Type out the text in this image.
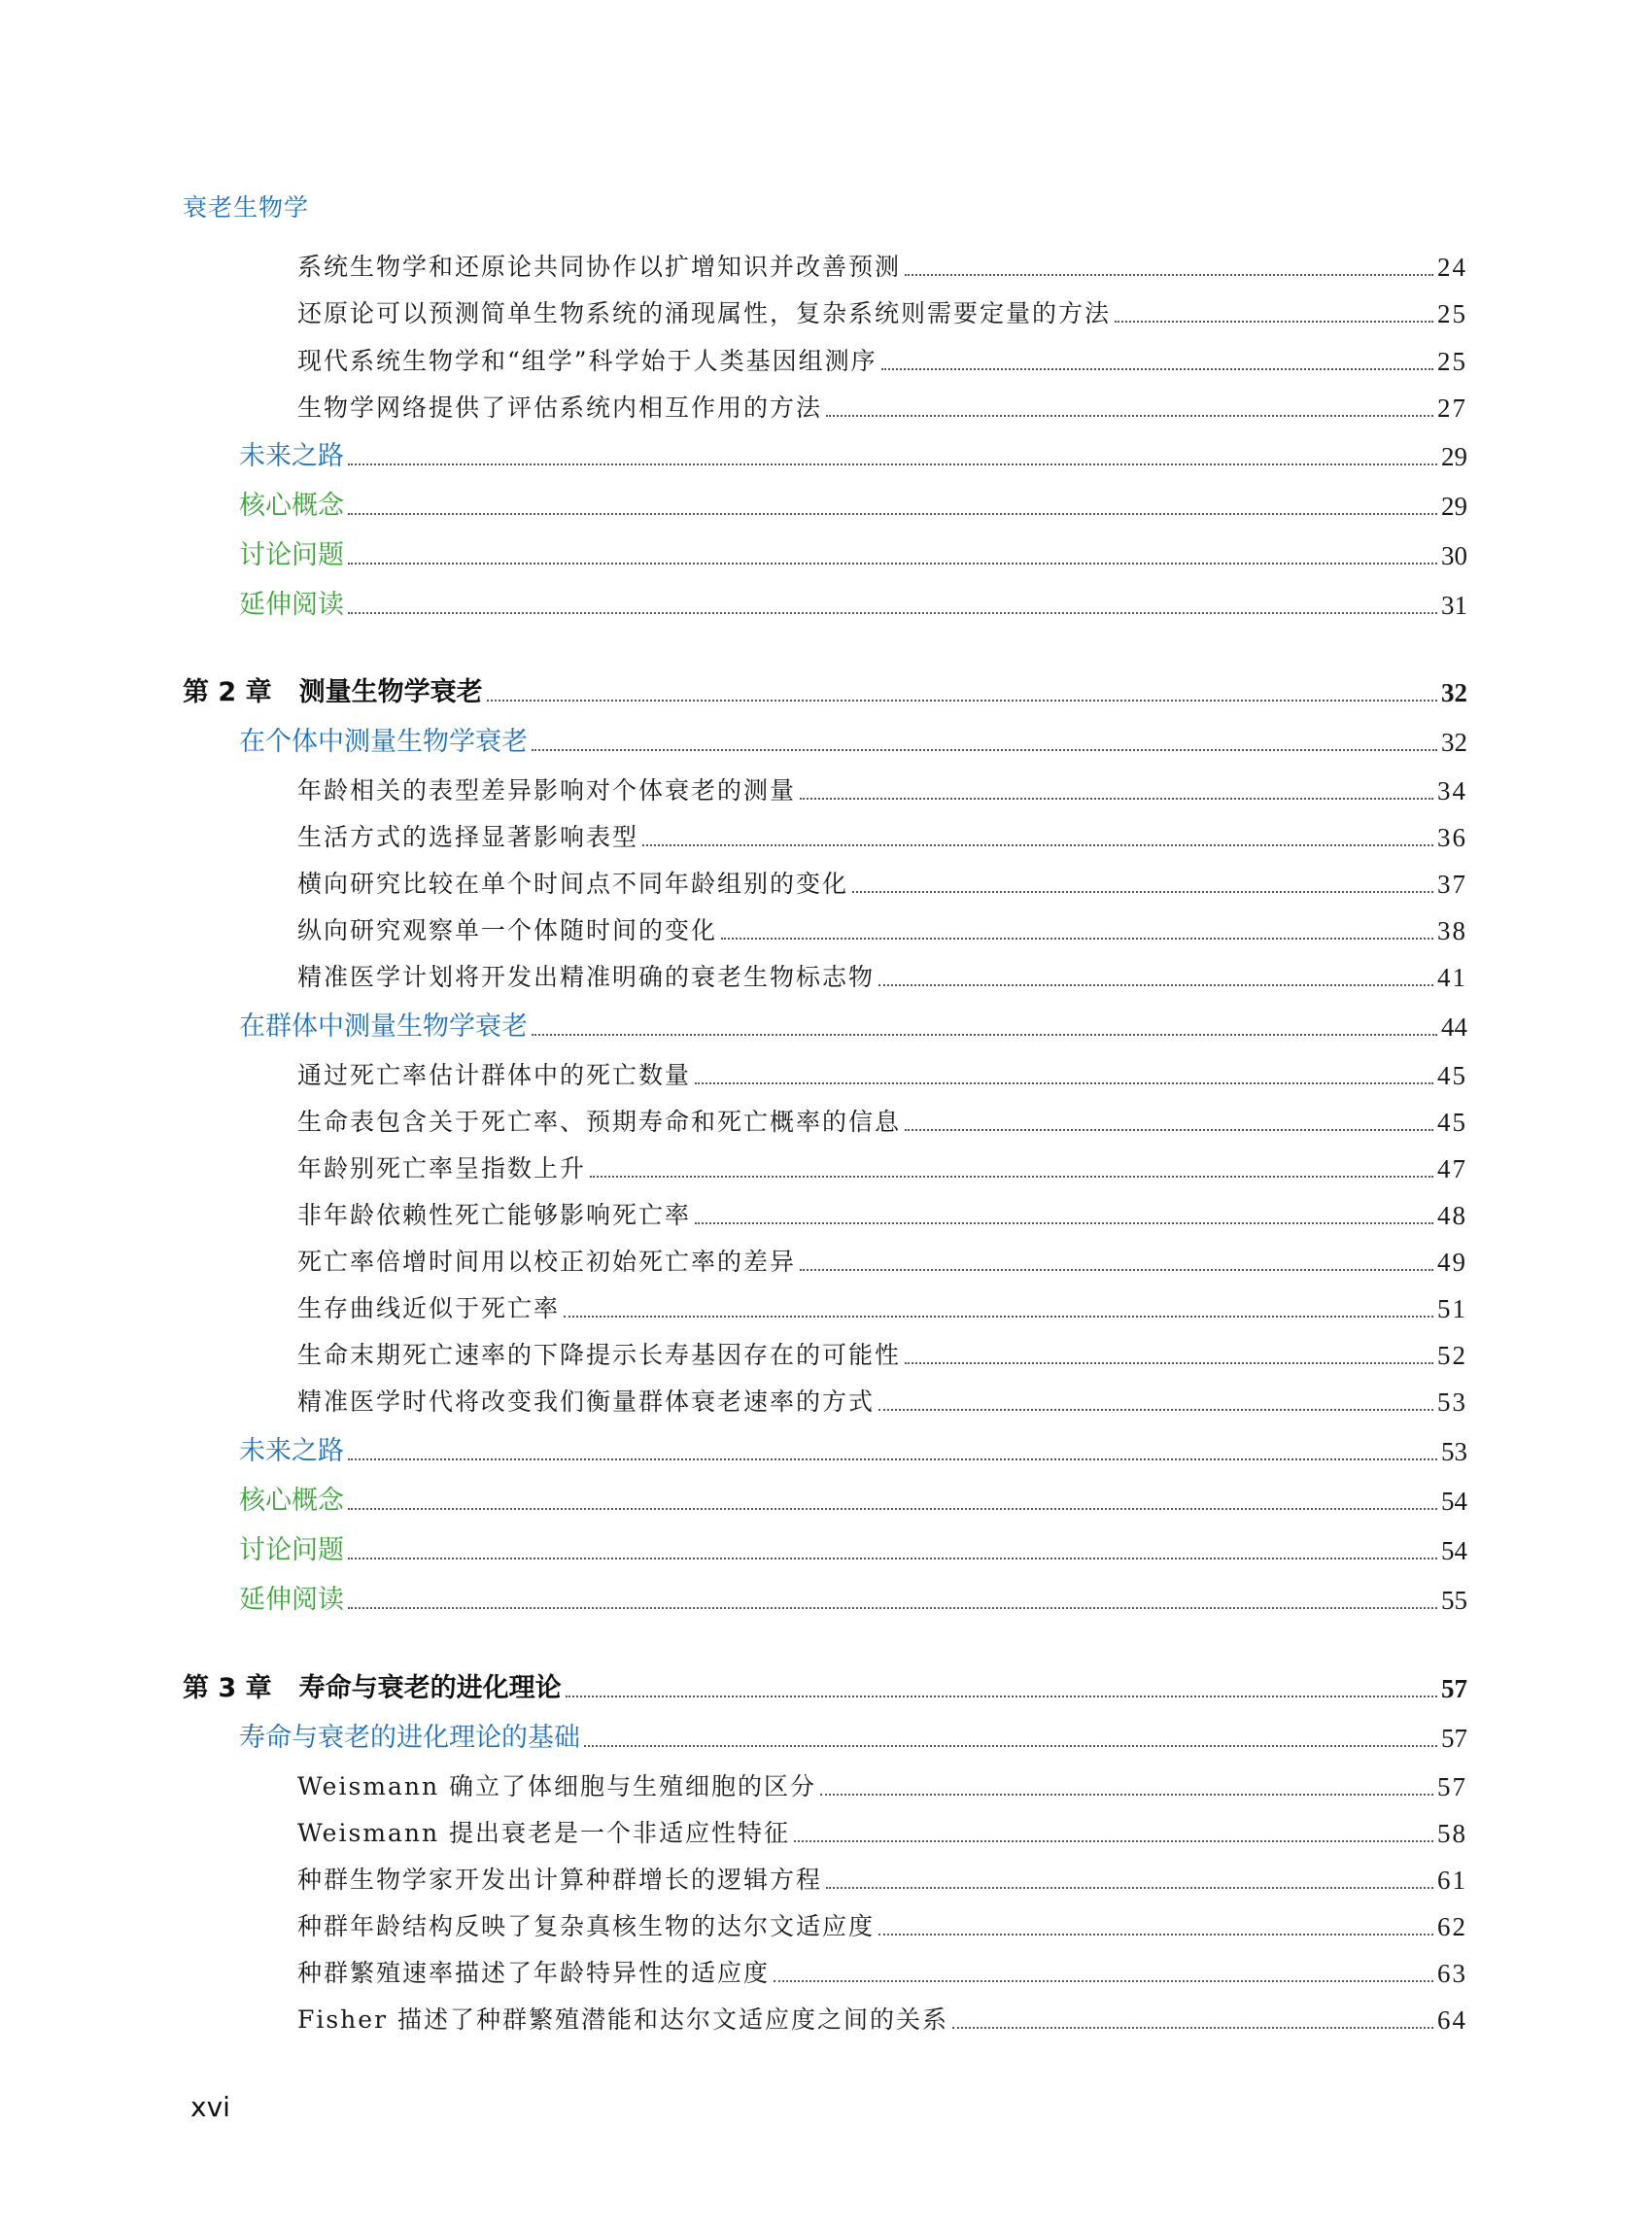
衰老生物学
系统生物学和还原论共同协作以扩增知识并改善预测	24
还原论可以预测简单生物系统的涌现属性，复杂系统则需要定量的方法	25
现代系统生物学和“组学”科学始于人类基因组测序	25
生物学网络提供了评估系统内相互作用的方法	27
未来之路	29
核心概念	29
讨论问题	30
延伸阅读	31
第 2 章 测量生物学衰老	32
在个体中测量生物学衰老	32
年龄相关的表型差异影响对个体衰老的测量	34
生活方式的选择显著影响表型	36
横向研究比较在单个时间点不同年龄组别的变化	37
纵向研究观察单一个体随时间的变化	38
精准医学计划将开发出精准明确的衰老生物标志物	41
在群体中测量生物学衰老	44
通过死亡率估计群体中的死亡数量	45
生命表包含关于死亡率、预期寿命和死亡概率的信息	45
年龄别死亡率呈指数上升	47
非年龄依赖性死亡能够影响死亡率	48
死亡率倍增时间用以校正初始死亡率的差异	49
生存曲线近似于死亡率	51
生命末期死亡速率的下降提示长寿基因存在的可能性	52
精准医学时代将改变我们衡量群体衰老速率的方式	53
未来之路	53
核心概念	54
讨论问题	54
延伸阅读	55
第 3 章 寿命与衰老的进化理论	57
寿命与衰老的进化理论的基础	57
Weismann 确立了体细胞与生殖细胞的区分	57
Weismann 提出衰老是一个非适应性特征	58
种群生物学家开发出计算种群增长的逻辑方程	61
种群年龄结构反映了复杂真核生物的达尔文适应度	62
种群繁殖速率描述了年龄特异性的适应度	63
Fisher 描述了种群繁殖潜能和达尔文适应度之间的关系	64
xvi
